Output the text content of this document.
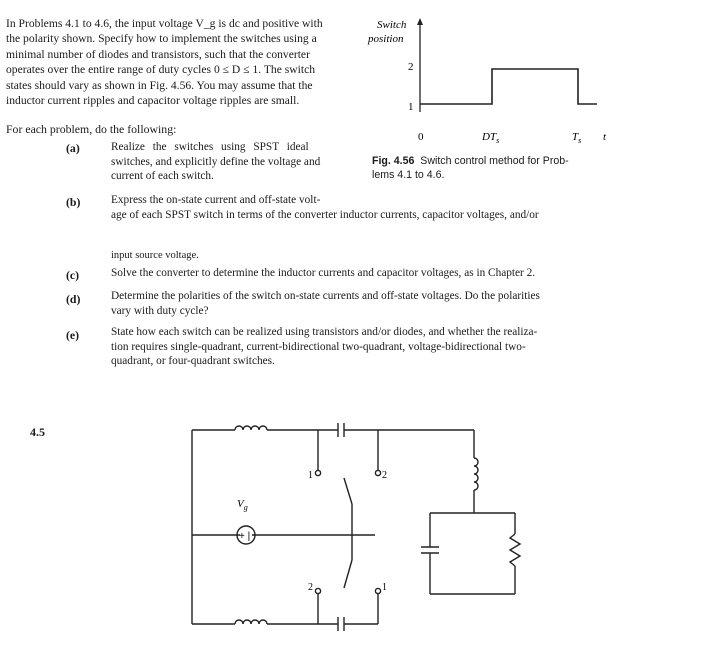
In Problems 4.1 to 4.6, the input voltage V_g is dc and positive with
the polarity shown. Specify how to implement the switches using a
minimal number of diodes and transistors, such that the converter
operates over the entire range of duty cycles 0 ≤ D ≤ 1. The switch
states should vary as shown in Fig. 4.56. You may assume that the
inductor current ripples and capacitor voltage ripples are small.
For each problem, do the following:
(a)	Realize the switches using SPST ideal
switches, and explicitly define the voltage and
current of each switch.
(b)	Express the on-state current and off-state volt-
age of each SPST switch in terms of the converter inductor currents, capacitor voltages, and/or
input source voltage.
(c)	Solve the converter to determine the inductor currents and capacitor voltages, as in Chapter 2.
(d)	Determine the polarities of the switch on-state currents and off-state voltages. Do the polarities
vary with duty cycle?
(e)	State how each switch can be realized using transistors and/or diodes, and whether the realiza-
tion requires single-quadrant, current-bidirectional two-quadrant, voltage-bidirectional two-
quadrant, or four-quadrant switches.
Switch
position
2
1
0	$DT_s$	$T_s$ t
Fig. 4.56 Switch control method for Prob-
lems 4.1 to 4.6.
4.5
$V_g$
+ |
1	2
2	1
